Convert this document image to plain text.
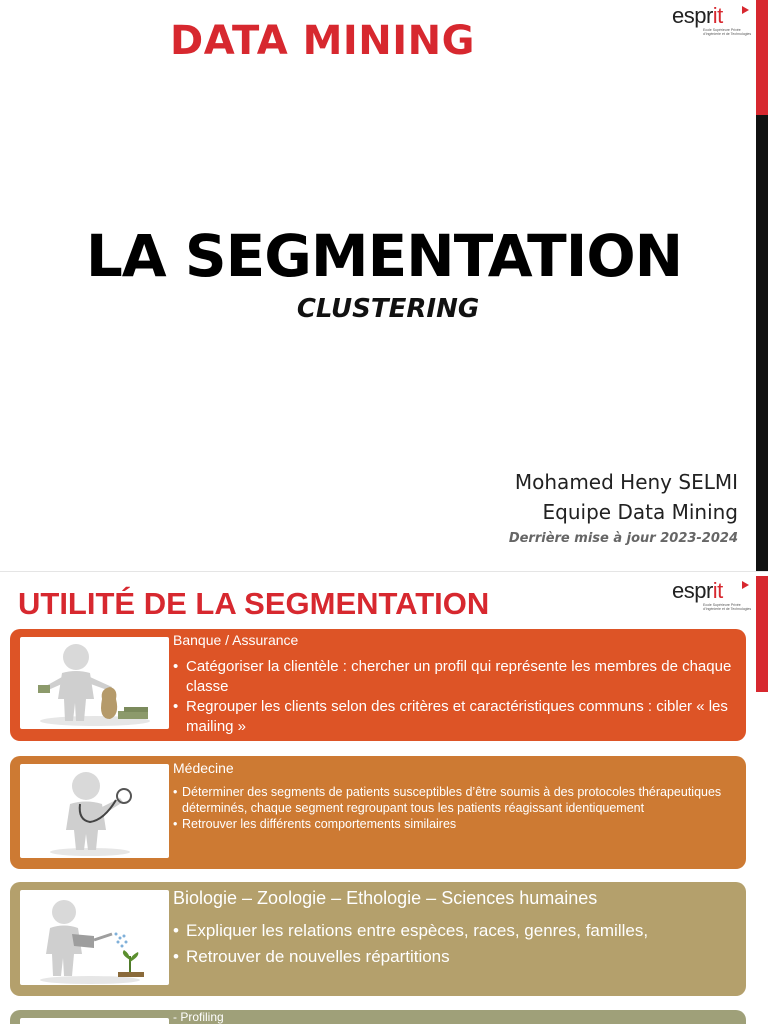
esprit
Ecole Supérieure Privée d'Ingénierie et de Technologies
DATA MINING
LA SEGMENTATION
CLUSTERING
Mohamed Heny SELMI
Equipe Data Mining
Derrière mise à jour 2023-2024
esprit
Ecole Supérieure Privée d'Ingénierie et de Technologies
UTILITÉ DE LA SEGMENTATION
Banque / Assurance
• Catégoriser la clientèle : chercher un profil qui représente les membres de chaque classe
• Regrouper les clients selon des critères et caractéristiques communs : cibler « les mailing »
Médecine
• Déterminer des segments de patients susceptibles d’être soumis à des protocoles thérapeutiques déterminés, chaque segment regroupant tous les patients réagissant identiquement
• Retrouver les différents comportements similaires
Biologie – Zoologie – Ethologie – Sciences humaines
• Expliquer les relations entre espèces, races, genres, familles,
• Retrouver de nouvelles répartitions
- Profiling
